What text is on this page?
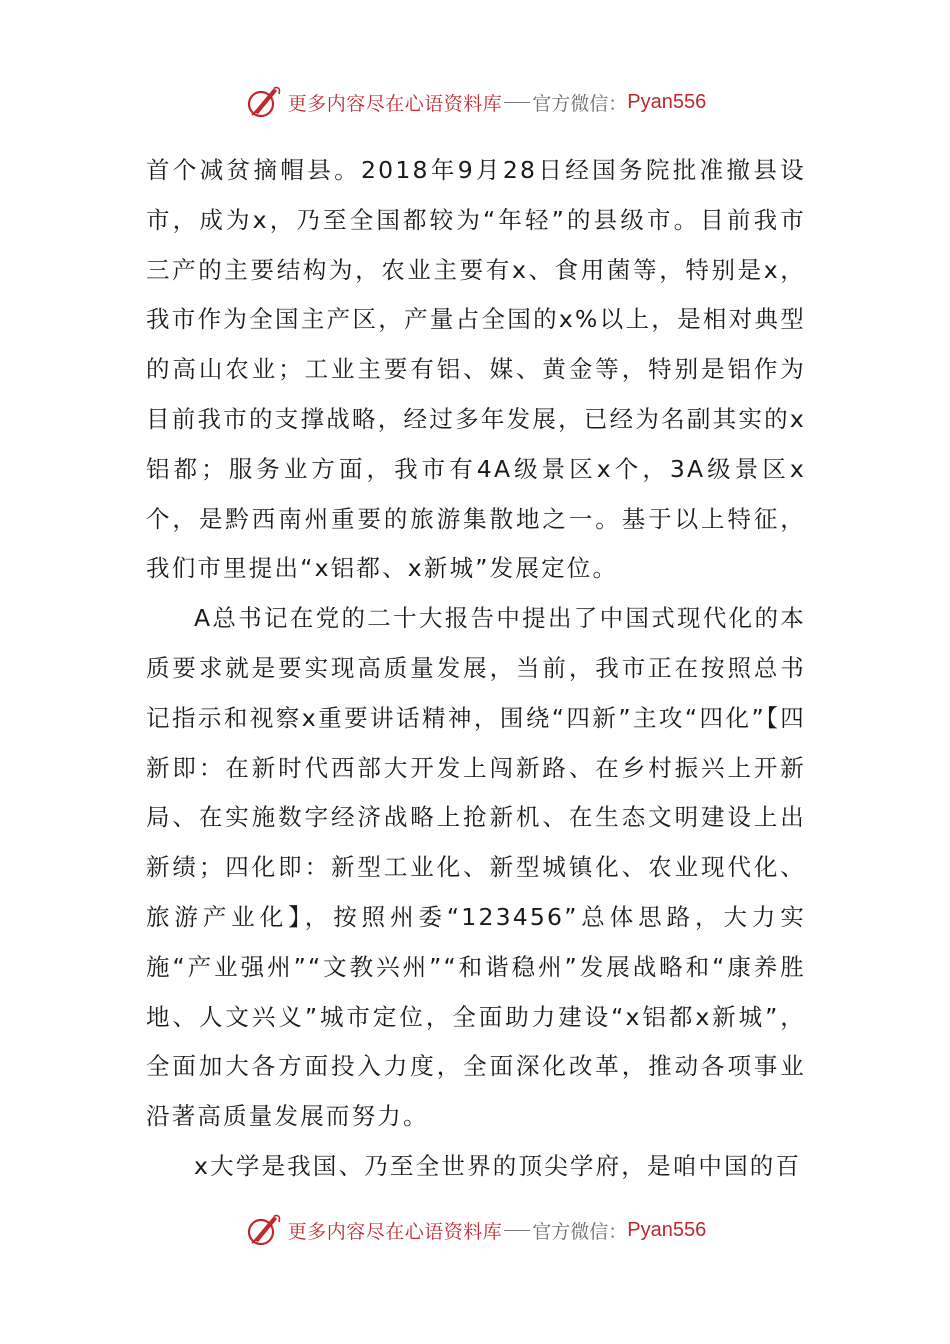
更多内容尽在心语资料库 官方微信： Pyan556

首个减贫摘帽县。2018年9月28日经国务院批准撤县设市，成为x，乃至全国都较为“年轻”的县级市。目前我市三产的主要结构为，农业主要有x、食用菌等，特别是x，我市作为全国主产区，产量占全国的x%以上，是相对典型的高山农业；工业主要有铝、媒、黄金等，特别是铝作为目前我市的支撑战略，经过多年发展，已经为名副其实的x铝都；服务业方面，我市有4A级景区x个，3A级景区x个，是黔西南州重要的旅游集散地之一。基于以上特征，我们市里提出“x铝都、x新城”发展定位。

A总书记在党的二十大报告中提出了中国式现代化的本质要求就是要实现高质量发展，当前，我市正在按照总书记指示和视察x重要讲话精神，围绕“四新”主攻“四化”【四新即：在新时代西部大开发上闯新路、在乡村振兴上开新局、在实施数字经济战略上抢新机、在生态文明建设上出新绩；四化即：新型工业化、新型城镇化、农业现代化、旅游产业化】，按照州委“123456”总体思路，大力实施“产业强州”“文教兴州”“和谐稳州”发展战略和“康养胜地、人文兴义”城市定位，全面助力建设“x铝都x新城”，全面加大各方面投入力度，全面深化改革，推动各项事业沿著高质量发展而努力。

x大学是我国、乃至全世界的顶尖学府，是咱中国的百

更多内容尽在心语资料库 官方微信： Pyan556
